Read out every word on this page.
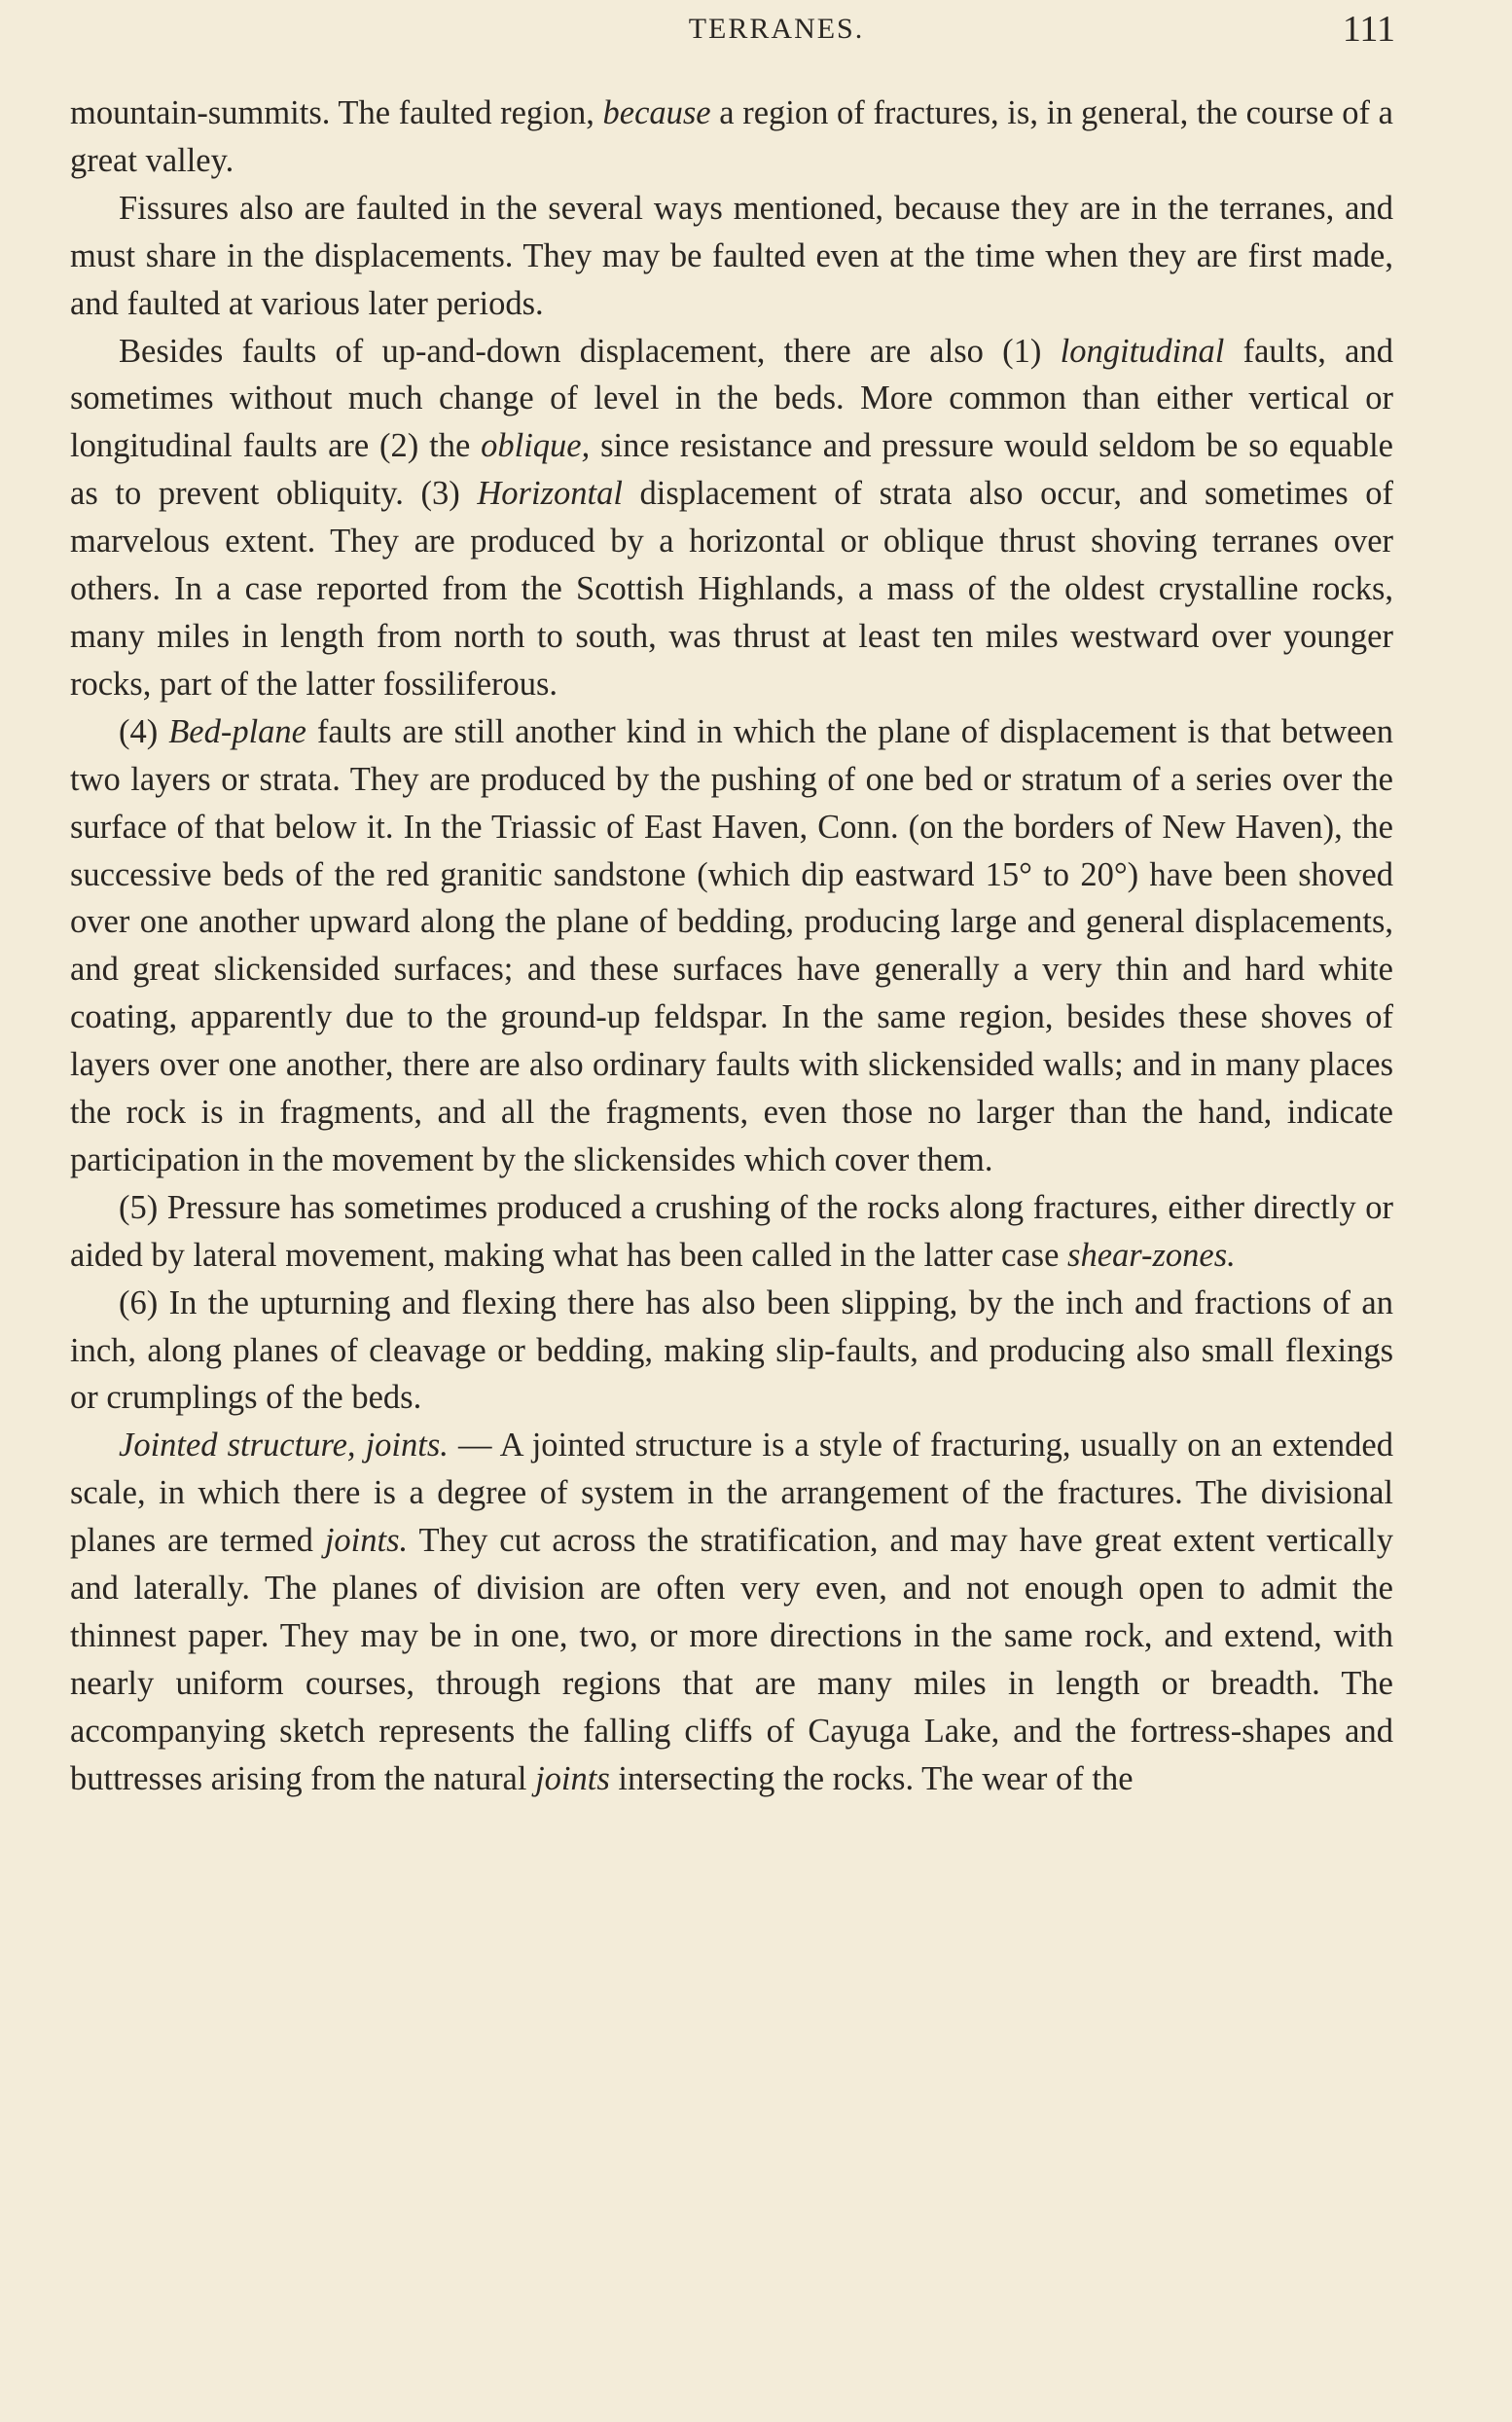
TERRANES.	111

mountain-summits. The faulted region, because a region of fractures, is, in general, the course of a great valley.

Fissures also are faulted in the several ways mentioned, because they are in the terranes, and must share in the displacements. They may be faulted even at the time when they are first made, and faulted at various later periods.

Besides faults of up-and-down displacement, there are also (1) longitudinal faults, and sometimes without much change of level in the beds. More common than either vertical or longitudinal faults are (2) the oblique, since resistance and pressure would seldom be so equable as to prevent obliquity. (3) Horizontal displacement of strata also occur, and sometimes of marvelous extent. They are produced by a horizontal or oblique thrust shoving terranes over others. In a case reported from the Scottish Highlands, a mass of the oldest crystalline rocks, many miles in length from north to south, was thrust at least ten miles westward over younger rocks, part of the latter fossiliferous.

(4) Bed-plane faults are still another kind in which the plane of displacement is that between two layers or strata. They are produced by the pushing of one bed or stratum of a series over the surface of that below it. In the Triassic of East Haven, Conn. (on the borders of New Haven), the successive beds of the red granitic sandstone (which dip eastward 15° to 20°) have been shoved over one another upward along the plane of bedding, producing large and general displacements, and great slickensided surfaces; and these surfaces have generally a very thin and hard white coating, apparently due to the ground-up feldspar. In the same region, besides these shoves of layers over one another, there are also ordinary faults with slickensided walls; and in many places the rock is in fragments, and all the fragments, even those no larger than the hand, indicate participation in the movement by the slickensides which cover them.

(5) Pressure has sometimes produced a crushing of the rocks along fractures, either directly or aided by lateral movement, making what has been called in the latter case shear-zones.

(6) In the upturning and flexing there has also been slipping, by the inch and fractions of an inch, along planes of cleavage or bedding, making slip-faults, and producing also small flexings or crumplings of the beds.

Jointed structure, joints. — A jointed structure is a style of fracturing, usually on an extended scale, in which there is a degree of system in the arrangement of the fractures. The divisional planes are termed joints. They cut across the stratification, and may have great extent vertically and laterally. The planes of division are often very even, and not enough open to admit the thinnest paper. They may be in one, two, or more directions in the same rock, and extend, with nearly uniform courses, through regions that are many miles in length or breadth. The accompanying sketch represents the falling cliffs of Cayuga Lake, and the fortress-shapes and buttresses arising from the natural joints intersecting the rocks. The wear of the
